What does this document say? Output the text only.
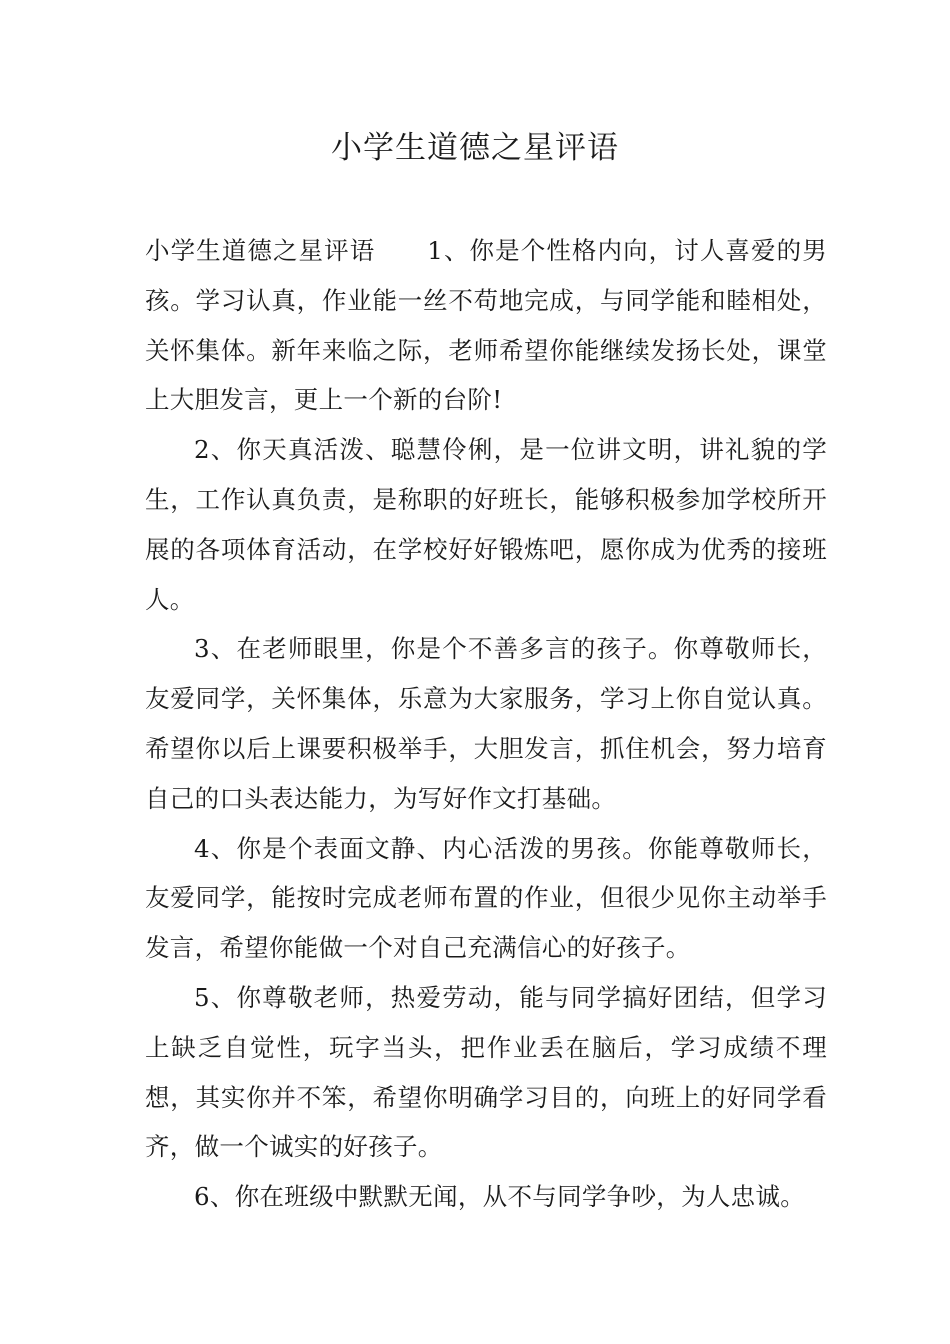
小学生道德之星评语

小学生道德之星评语 1、你是个性格内向，讨人喜爱的男孩。学习认真，作业能一丝不苟地完成，与同学能和睦相处，关怀集体。新年来临之际，老师希望你能继续发扬长处，课堂上大胆发言，更上一个新的台阶!

2、你天真活泼、聪慧伶俐，是一位讲文明，讲礼貌的学生，工作认真负责，是称职的好班长，能够积极参加学校所开展的各项体育活动，在学校好好锻炼吧，愿你成为优秀的接班人。

3、在老师眼里，你是个不善多言的孩子。你尊敬师长，友爱同学，关怀集体，乐意为大家服务，学习上你自觉认真。希望你以后上课要积极举手，大胆发言，抓住机会，努力培育自己的口头表达能力，为写好作文打基础。

4、你是个表面文静、内心活泼的男孩。你能尊敬师长，友爱同学，能按时完成老师布置的作业，但很少见你主动举手发言，希望你能做一个对自己充满信心的好孩子。

5、你尊敬老师，热爱劳动，能与同学搞好团结，但学习上缺乏自觉性，玩字当头，把作业丢在脑后，学习成绩不理想，其实你并不笨，希望你明确学习目的，向班上的好同学看齐，做一个诚实的好孩子。

6、你在班级中默默无闻，从不与同学争吵，为人忠诚。
